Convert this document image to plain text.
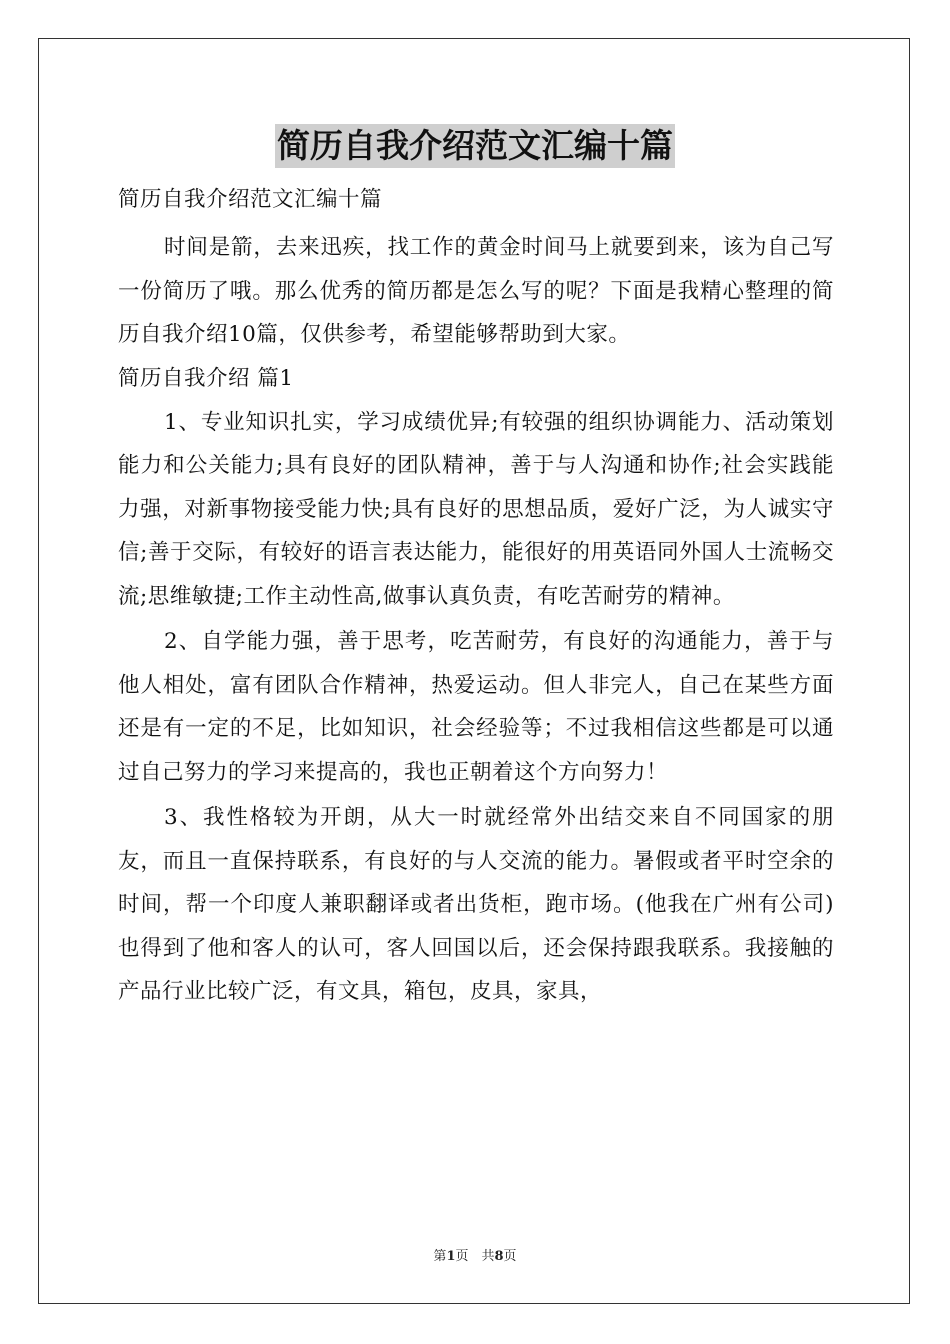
简历自我介绍范文汇编十篇

简历自我介绍范文汇编十篇

时间是箭，去来迅疾，找工作的黄金时间马上就要到来，该为自己写一份简历了哦。那么优秀的简历都是怎么写的呢？下面是我精心整理的简历自我介绍10篇，仅供参考，希望能够帮助到大家。

简历自我介绍 篇1

1、专业知识扎实，学习成绩优异;有较强的组织协调能力、活动策划能力和公关能力;具有良好的团队精神，善于与人沟通和协作;社会实践能力强，对新事物接受能力快;具有良好的思想品质，爱好广泛，为人诚实守信;善于交际，有较好的语言表达能力，能很好的用英语同外国人士流畅交流;思维敏捷;工作主动性高,做事认真负责，有吃苦耐劳的精神。

2、自学能力强，善于思考，吃苦耐劳，有良好的沟通能力，善于与他人相处，富有团队合作精神，热爱运动。但人非完人，自己在某些方面还是有一定的不足，比如知识，社会经验等；不过我相信这些都是可以通过自己努力的学习来提高的，我也正朝着这个方向努力！

3、我性格较为开朗，从大一时就经常外出结交来自不同国家的朋友，而且一直保持联系，有良好的与人交流的能力。暑假或者平时空余的时间，帮一个印度人兼职翻译或者出货柜，跑市场。(他我在广州有公司)也得到了他和客人的认可，客人回国以后，还会保持跟我联系。我接触的产品行业比较广泛，有文具，箱包，皮具，家具，

第1页　共8页
